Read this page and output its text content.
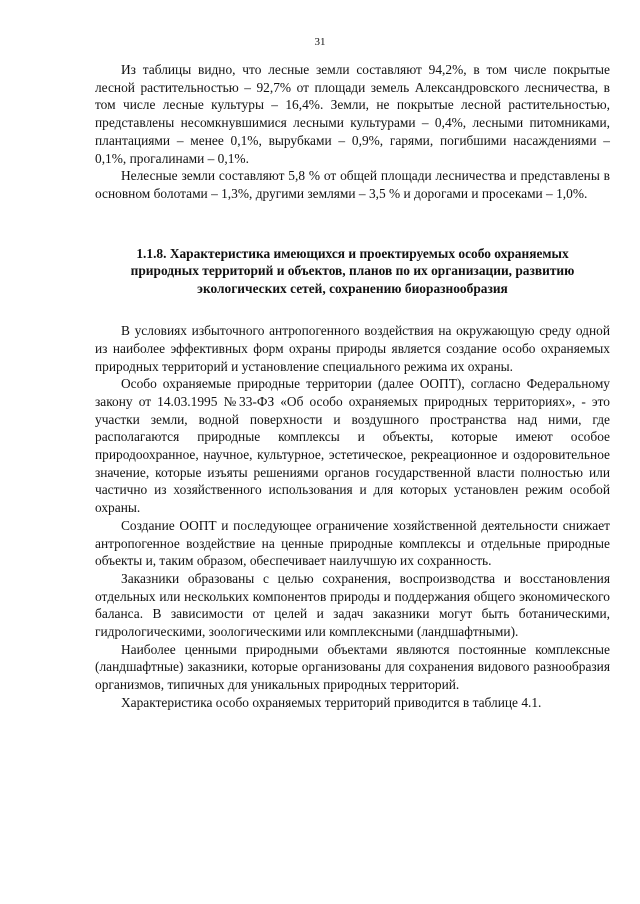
31

Из таблицы видно, что лесные земли составляют 94,2%, в том числе покрытые лесной растительностью – 92,7% от площади земель Александровского лесничества, в том числе лесные культуры – 16,4%. Земли, не покрытые лесной растительностью, представлены несомкнувшимися лесными культурами – 0,4%, лесными питомниками, плантациями – менее 0,1%, вырубками – 0,9%, гарями, погибшими насаждениями – 0,1%, прогалинами – 0,1%.

Нелесные земли составляют 5,8 % от общей площади лесничества и представлены в основном болотами – 1,3%, другими землями – 3,5 % и дорогами и просеками – 1,0%.

1.1.8. Характеристика имеющихся и проектируемых особо охраняемых
природных территорий и объектов, планов по их организации, развитию
экологических сетей, сохранению биоразнообразия

В условиях избыточного антропогенного воздействия на окружающую среду одной из наиболее эффективных форм охраны природы является создание особо охраняемых природных территорий и установление специального режима их охраны.

Особо охраняемые природные территории (далее ООПТ), согласно Федеральному закону от 14.03.1995 №33-ФЗ «Об особо охраняемых природных территориях», - это участки земли, водной поверхности и воздушного пространства над ними, где располагаются природные комплексы и объекты, которые имеют особое природоохранное, научное, культурное, эстетическое, рекреационное и оздоровительное значение, которые изъяты решениями органов государственной власти полностью или частично из хозяйственного использования и для которых установлен режим особой охраны.

Создание ООПТ и последующее ограничение хозяйственной деятельности снижает антропогенное воздействие на ценные природные комплексы и отдельные природные объекты и, таким образом, обеспечивает наилучшую их сохранность.

Заказники образованы с целью сохранения, воспроизводства и восстановления отдельных или нескольких компонентов природы и поддержания общего экономического баланса. В зависимости от целей и задач заказники могут быть ботаническими, гидрологическими, зоологическими или комплексными (ландшафтными).

Наиболее ценными природными объектами являются постоянные комплексные (ландшафтные) заказники, которые организованы для сохранения видового разнообразия организмов, типичных для уникальных природных территорий.

Характеристика особо охраняемых территорий приводится в таблице 4.1.
